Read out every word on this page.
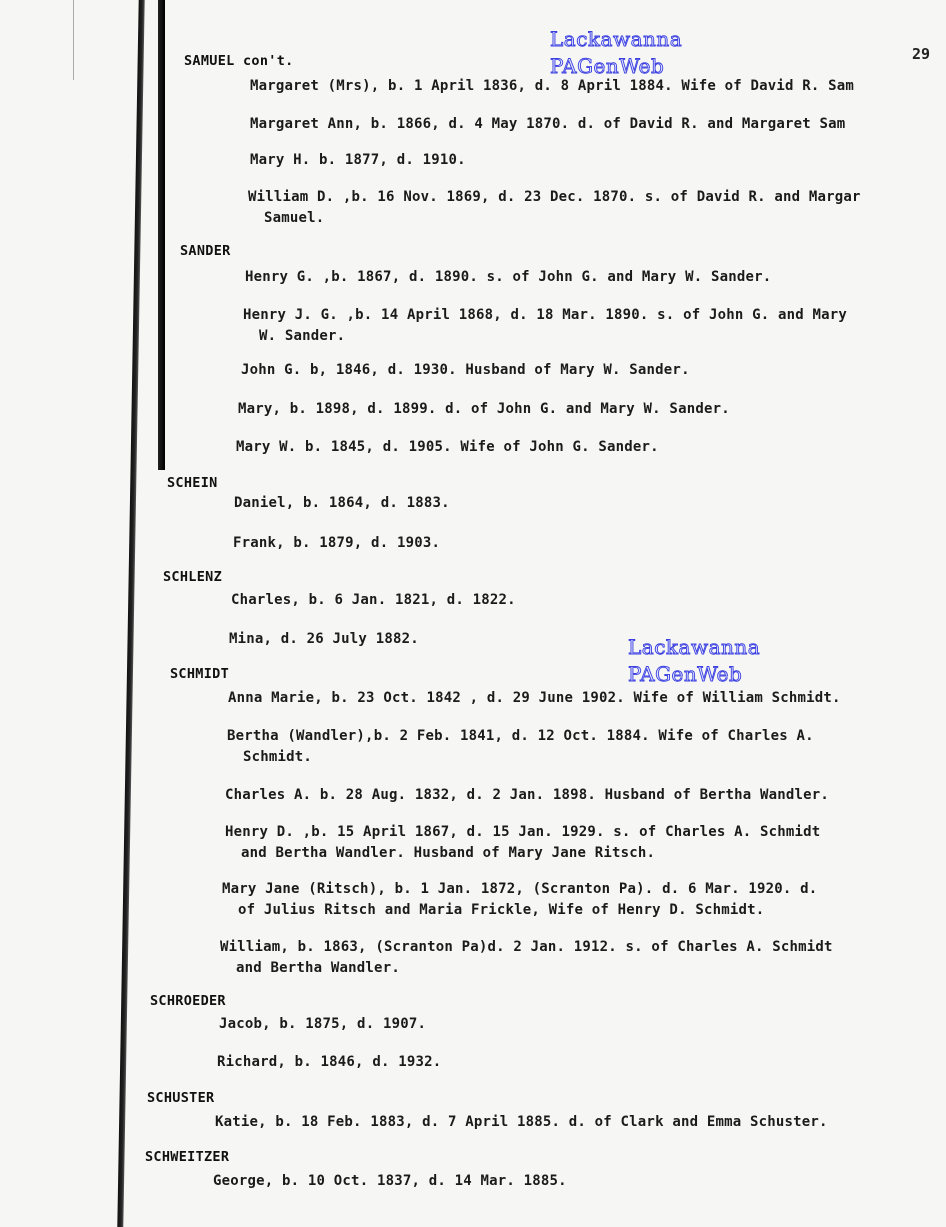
Lackawanna
PAGenWeb
Lackawanna
PAGenWeb
29
SAMUEL con't.
Margaret (Mrs), b. 1 April 1836, d. 8 April 1884. Wife of David R. Sam
Margaret Ann, b. 1866, d. 4 May 1870. d. of David R. and Margaret Sam
Mary H. b. 1877, d. 1910.
William D. ,b. 16 Nov. 1869, d. 23 Dec. 1870. s. of David R. and Margar
Samuel.
SANDER
Henry G. ,b. 1867, d. 1890. s. of John G. and Mary W. Sander.
Henry J. G. ,b. 14 April 1868, d. 18 Mar. 1890. s. of John G. and Mary
W. Sander.
John G. b, 1846, d. 1930. Husband of Mary W. Sander.
Mary, b. 1898, d. 1899. d. of John G. and Mary W. Sander.
Mary W. b. 1845, d. 1905. Wife of John G. Sander.
SCHEIN
Daniel, b. 1864, d. 1883.
Frank, b. 1879, d. 1903.
SCHLENZ
Charles, b. 6 Jan. 1821, d. 1822.
Mina, d. 26 July 1882.
SCHMIDT
Anna Marie, b. 23 Oct. 1842 , d. 29 June 1902. Wife of William Schmidt.
Bertha (Wandler),b. 2 Feb. 1841, d. 12 Oct. 1884. Wife of Charles A.
Schmidt.
Charles A. b. 28 Aug. 1832, d. 2 Jan. 1898. Husband of Bertha Wandler.
Henry D. ,b. 15 April 1867, d. 15 Jan. 1929. s. of Charles A. Schmidt
and Bertha Wandler. Husband of Mary Jane Ritsch.
Mary Jane (Ritsch), b. 1 Jan. 1872, (Scranton Pa). d. 6 Mar. 1920. d.
of Julius Ritsch and Maria Frickle, Wife of Henry D. Schmidt.
William, b. 1863, (Scranton Pa)d. 2 Jan. 1912. s. of Charles A. Schmidt
and Bertha Wandler.
SCHROEDER
Jacob, b. 1875, d. 1907.
Richard, b. 1846, d. 1932.
SCHUSTER
Katie, b. 18 Feb. 1883, d. 7 April 1885. d. of Clark and Emma Schuster.
SCHWEITZER
George, b. 10 Oct. 1837, d. 14 Mar. 1885.
